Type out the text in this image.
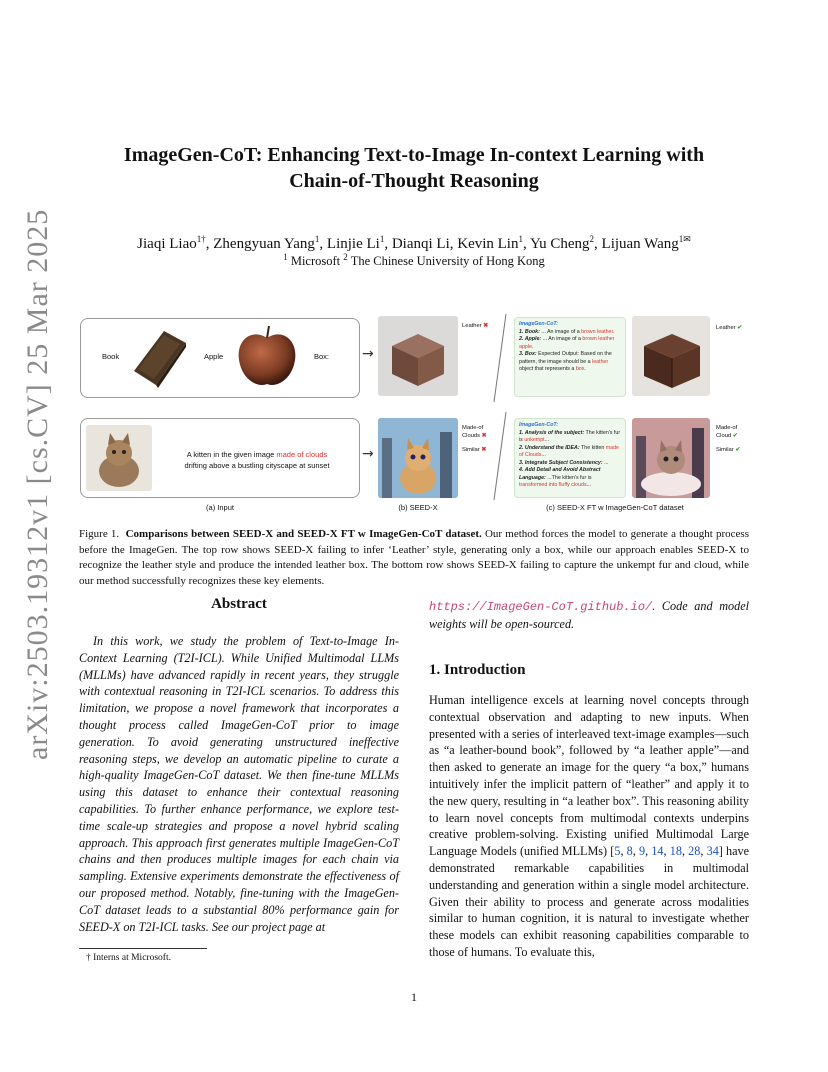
arXiv:2503.19312v1 [cs.CV] 25 Mar 2025
ImageGen-CoT: Enhancing Text-to-Image In-context Learning with
Chain-of-Thought Reasoning
Jiaqi Liao$^{1\dagger}$, Zhengyuan Yang$^1$, Linjie Li$^1$, Dianqi Li, Kevin Lin$^1$, Yu Cheng$^2$, Lijuan Wang$^{1✉}$
$^1$ Microsoft $^2$ The Chinese University of Hong Kong
Book	Apple	Box:
A kitten in the given image made of clouds
drifting above a bustling cityscape at sunset
→
→
Leather ✖
Made-of
Clouds ✖
Similar ✖
ImageGen-CoT:
1. Book: ... An image of a brown leather.
2. Apple: ... An image of a brown leather apple.
3. Box: Expected Output: Based on the pattern, the image should be a leather object that represents a box.
ImageGen-CoT:
1. Analysis of the subject: The kitten's fur is unkempt...
2. Understand the IDEA: The kitten made of Clouds...
3. Integrate Subject Consistency: ...
4. Add Detail and Avoid Abstract Language: ...The kitten's fur is transformed into fluffy clouds...
Leather ✔
Made-of
Cloud ✔
Similar ✔
(a) Input	(b) SEED-X	(c) SEED-X FT w ImageGen-CoT dataset
Figure 1. Comparisons between SEED-X and SEED-X FT w ImageGen-CoT dataset. Our method forces the model to generate a thought process before the ImageGen. The top row shows SEED-X failing to infer ‘Leather’ style, generating only a box, while our approach enables SEED-X to recognize the leather style and produce the intended leather box. The bottom row shows SEED-X failing to capture the unkempt fur and cloud, while our method successfully recognizes these key elements.
Abstract
In this work, we study the problem of Text-to-Image In-Context Learning (T2I-ICL). While Unified Multimodal LLMs (MLLMs) have advanced rapidly in recent years, they struggle with contextual reasoning in T2I-ICL scenarios. To address this limitation, we propose a novel framework that incorporates a thought process called ImageGen-CoT prior to image generation. To avoid generating unstructured ineffective reasoning steps, we develop an automatic pipeline to curate a high-quality ImageGen-CoT dataset. We then fine-tune MLLMs using this dataset to enhance their contextual reasoning capabilities. To further enhance performance, we explore test-time scale-up strategies and propose a novel hybrid scaling approach. This approach first generates multiple ImageGen-CoT chains and then produces multiple images for each chain via sampling. Extensive experiments demonstrate the effectiveness of our proposed method. Notably, fine-tuning with the ImageGen-CoT dataset leads to a substantial 80% performance gain for SEED-X on T2I-ICL tasks. See our project page at
† Interns at Microsoft.
https://ImageGen-CoT.github.io/. Code and model weights will be open-sourced.
1. Introduction
Human intelligence excels at learning novel concepts through contextual observation and adapting to new inputs. When presented with a series of interleaved text-image examples—such as “a leather-bound book”, followed by “a leather apple”—and then asked to generate an image for the query “a box,” humans intuitively infer the implicit pattern of “leather” and apply it to the new query, resulting in “a leather box”. This reasoning ability to learn novel concepts from multimodal contexts underpins creative problem-solving. Existing unified Multimodal Large Language Models (unified MLLMs) [5, 8, 9, 14, 18, 28, 34] have demonstrated remarkable capabilities in multimodal understanding and generation within a single model architecture. Given their ability to process and generate across modalities similar to human cognition, it is natural to investigate whether these models can exhibit reasoning capabilities comparable to those of humans. To evaluate this,
1
